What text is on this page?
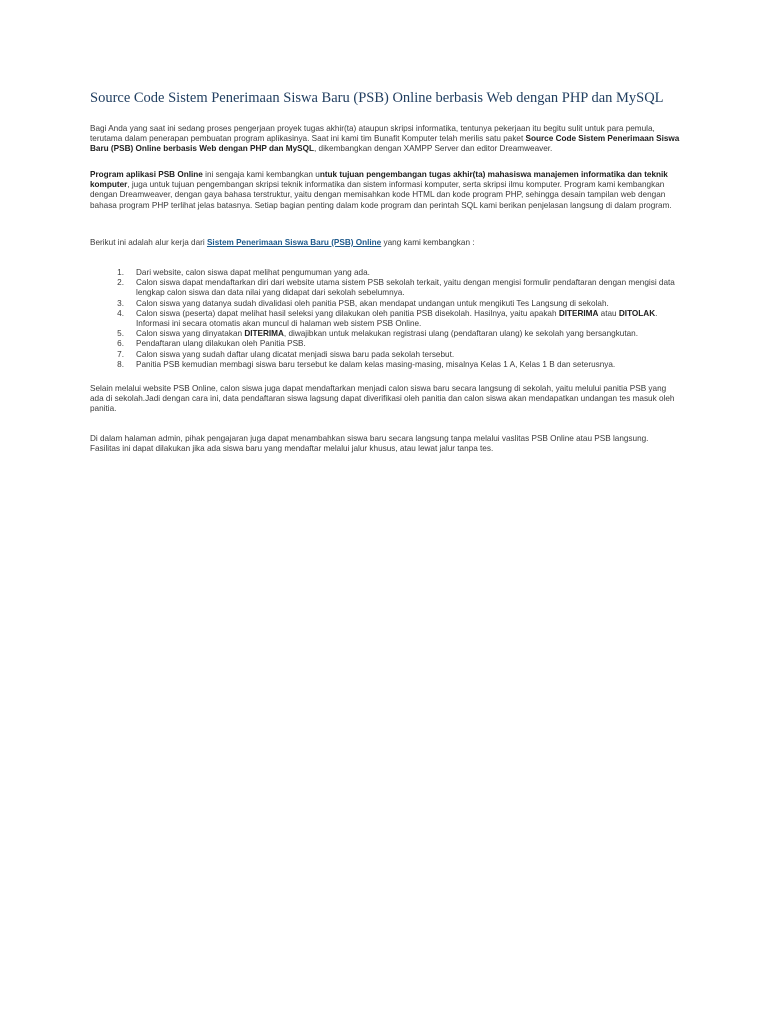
Source Code Sistem Penerimaan Siswa Baru (PSB) Online berbasis Web dengan PHP dan MySQL

Bagi Anda yang saat ini sedang proses pengerjaan proyek tugas akhir(ta) ataupun skripsi informatika, tentunya pekerjaan itu begitu sulit untuk para pemula, terutama dalam penerapan pembuatan program aplikasinya. Saat ini kami tim Bunafit Komputer telah merilis satu paket Source Code Sistem Penerimaan Siswa Baru (PSB) Online berbasis Web dengan PHP dan MySQL, dikembangkan dengan XAMPP Server dan editor Dreamweaver.

Program aplikasi PSB Online ini sengaja kami kembangkan untuk tujuan pengembangan tugas akhir(ta) mahasiswa manajemen informatika dan teknik komputer, juga untuk tujuan pengembangan skripsi teknik informatika dan sistem informasi komputer, serta skripsi ilmu komputer. Program kami kembangkan dengan Dreamweaver, dengan gaya bahasa terstruktur, yaitu dengan memisahkan kode HTML dan kode program PHP, sehingga desain tampilan web dengan bahasa program PHP terlihat jelas batasnya. Setiap bagian penting dalam kode program dan perintah SQL kami berikan penjelasan langsung di dalam program.

Berikut ini adalah alur kerja dari Sistem Penerimaan Siswa Baru (PSB) Online yang kami kembangkan :

1. Dari website, calon siswa dapat melihat pengumuman yang ada.
2. Calon siswa dapat mendaftarkan diri dari website utama sistem PSB sekolah terkait, yaitu dengan mengisi formulir pendaftaran dengan mengisi data lengkap calon siswa dan data nilai yang didapat dari sekolah sebelumnya.
3. Calon siswa yang datanya sudah divalidasi oleh panitia PSB, akan mendapat undangan untuk mengikuti Tes Langsung di sekolah.
4. Calon siswa (peserta) dapat melihat hasil seleksi yang dilakukan oleh panitia PSB disekolah. Hasilnya, yaitu apakah DITERIMA atau DITOLAK. Informasi ini secara otomatis akan muncul di halaman web sistem PSB Online.
5. Calon siswa yang dinyatakan DITERIMA, diwajibkan untuk melakukan registrasi ulang (pendaftaran ulang) ke sekolah yang bersangkutan.
6. Pendaftaran ulang dilakukan oleh Panitia PSB.
7. Calon siswa yang sudah daftar ulang dicatat menjadi siswa baru pada sekolah tersebut.
8. Panitia PSB kemudian membagi siswa baru tersebut ke dalam kelas masing-masing, misalnya Kelas 1 A, Kelas 1 B dan seterusnya.

Selain melalui website PSB Online, calon siswa juga dapat mendaftarkan menjadi calon siswa baru secara langsung di sekolah, yaitu melului panitia PSB yang ada di sekolah.Jadi dengan cara ini, data pendaftaran siswa lagsung dapat diverifikasi oleh panitia dan calon siswa akan mendapatkan undangan tes masuk oleh panitia.

Di dalam halaman admin, pihak pengajaran juga dapat menambahkan siswa baru secara langsung tanpa melalui vaslitas PSB Online atau PSB langsung. Fasilitas ini dapat dilakukan jika ada siswa baru yang mendaftar melalui jalur khusus, atau lewat jalur tanpa tes.
